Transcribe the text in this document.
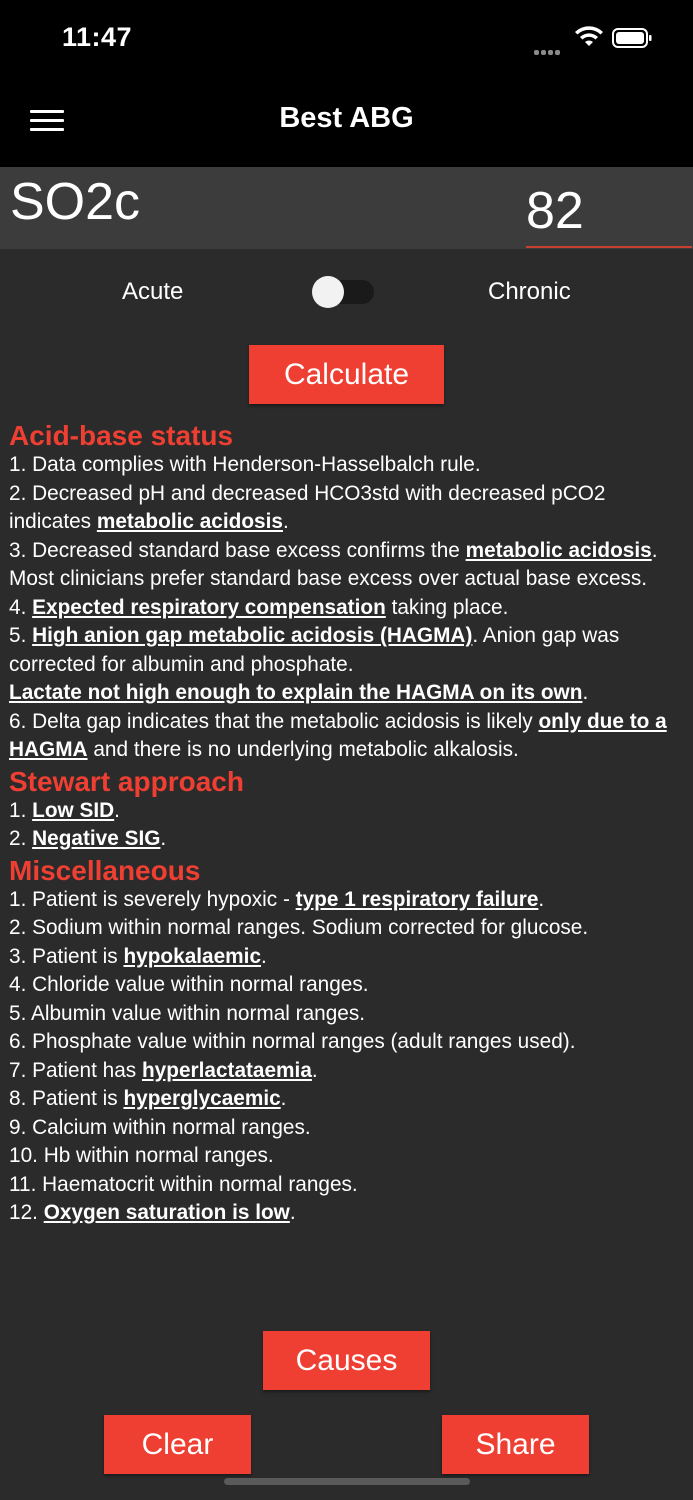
11:47
Best ABG
SO2c
82
Acute	Chronic
Calculate
Acid-base status

1. Data complies with Henderson-Hasselbalch rule.

2. Decreased pH and decreased HCO3std with decreased pCO2 indicates metabolic acidosis.

3. Decreased standard base excess confirms the metabolic acidosis.

Most clinicians prefer standard base excess over actual base excess.

4. Expected respiratory compensation taking place.

5. High anion gap metabolic acidosis (HAGMA). Anion gap was corrected for albumin and phosphate.

Lactate not high enough to explain the HAGMA on its own.

6. Delta gap indicates that the metabolic acidosis is likely only due to a HAGMA and there is no underlying metabolic alkalosis.

Stewart approach

1. Low SID.

2. Negative SIG.

Miscellaneous

1. Patient is severely hypoxic - type 1 respiratory failure.

2. Sodium within normal ranges. Sodium corrected for glucose.

3. Patient is hypokalaemic.

4. Chloride value within normal ranges.

5. Albumin value within normal ranges.

6. Phosphate value within normal ranges (adult ranges used).

7. Patient has hyperlactataemia.

8. Patient is hyperglycaemic.

9. Calcium within normal ranges.

10. Hb within normal ranges.

11. Haematocrit within normal ranges.

12. Oxygen saturation is low.

Causes
Clear	Share
